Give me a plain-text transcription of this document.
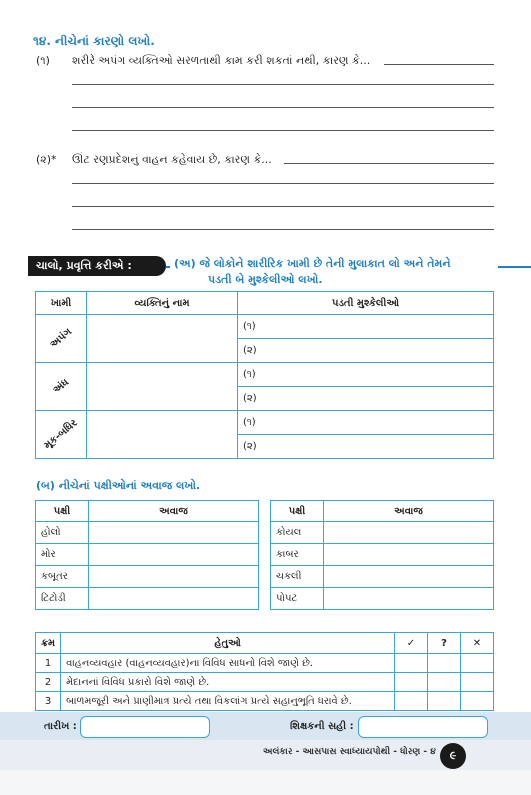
૧૪. નીચેનાં કારણો લખો.
(૧) શરીરે અપંગ વ્યક્તિઓ સરળતાથી કામ કરી શકતાં નથી, કારણ કે...
(૨)* ઊંટ રણપ્રદેશનું વાહન કહેવાય છે, કારણ કે...
ચાલો, પ્રવૃત્તિ કરીએ :	(અ) જે લોકોને શારીરિક ખામી છે તેની મુલાકાત લો અને તેમને
પડતી બે મુશ્કેલીઓ લખો.
ખામી	વ્યક્તિનું નામ	પડતી મુશ્કેલીઓ
અપંગ		(૧)
		(૨)
અંધ		(૧)
		(૨)
મૂક-બધિર		(૧)
		(૨)
(બ) નીચેનાં પક્ષીઓનાં અવાજ લખો.
પક્ષી	અવાજ
હોલો	
મોર	
કબૂતર	
ટિટોડી	
પક્ષી	અવાજ
કોયલ	
કાબર	
ચકલી	
પોપટ	
ક્રમ	હેતુઓ	✓	?	✕
1	વાહનવ્યવહાર (વાહનવ્યવહાર)ના વિવિધ સાધનો વિશે જાણે છે.			
2	મેદાનનાં વિવિધ પ્રકારો વિશે જાણે છે.			
3	બાળમજૂરી અને પ્રાણીમાત્ર પ્રત્યે તથા વિકલાંગ પ્રત્યે સહાનુભૂતિ ધરાવે છે.			
તારીખ :	શિક્ષકની સહી :
અલંકાર - આસપાસ સ્વાધ્યાયપોથી - ધોરણ - ૪	૯
